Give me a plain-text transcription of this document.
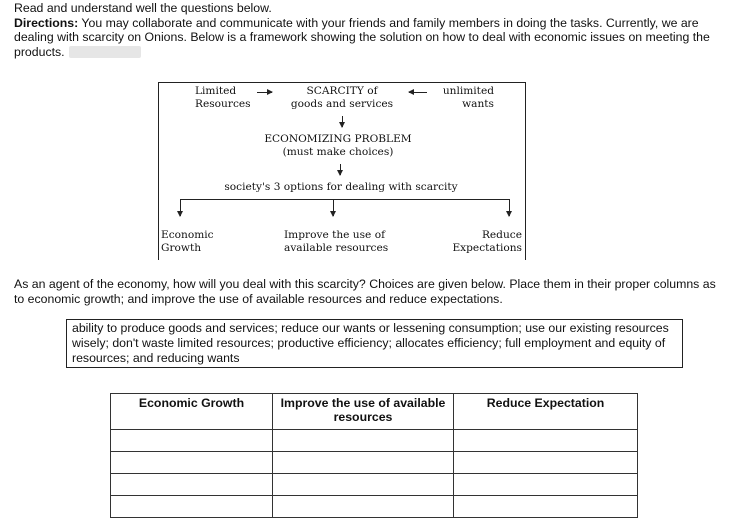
Read and understand well the questions below.
Directions: You may collaborate and communicate with your friends and family members in doing the tasks. Currently, we are dealing with scarcity on Onions. Below is a framework showing the solution on how to deal with economic issues on meeting the products.
Limited
Resources
SCARCITY of
goods and services
unlimited
wants
ECONOMIZING PROBLEM
(must make choices)
society's 3 options for dealing with scarcity
Economic
Growth
Improve the use of
available resources
Reduce
Expectations
As an agent of the economy, how will you deal with this scarcity? Choices are given below. Place them in their proper columns as to economic growth; and improve the use of available resources and reduce expectations.
ability to produce goods and services; reduce our wants or lessening consumption; use our existing resources wisely; don't waste limited resources; productive efficiency; allocates efficiency; full employment and equity of resources; and reducing wants
Economic Growth	Improve the use of available resources	Reduce Expectation
